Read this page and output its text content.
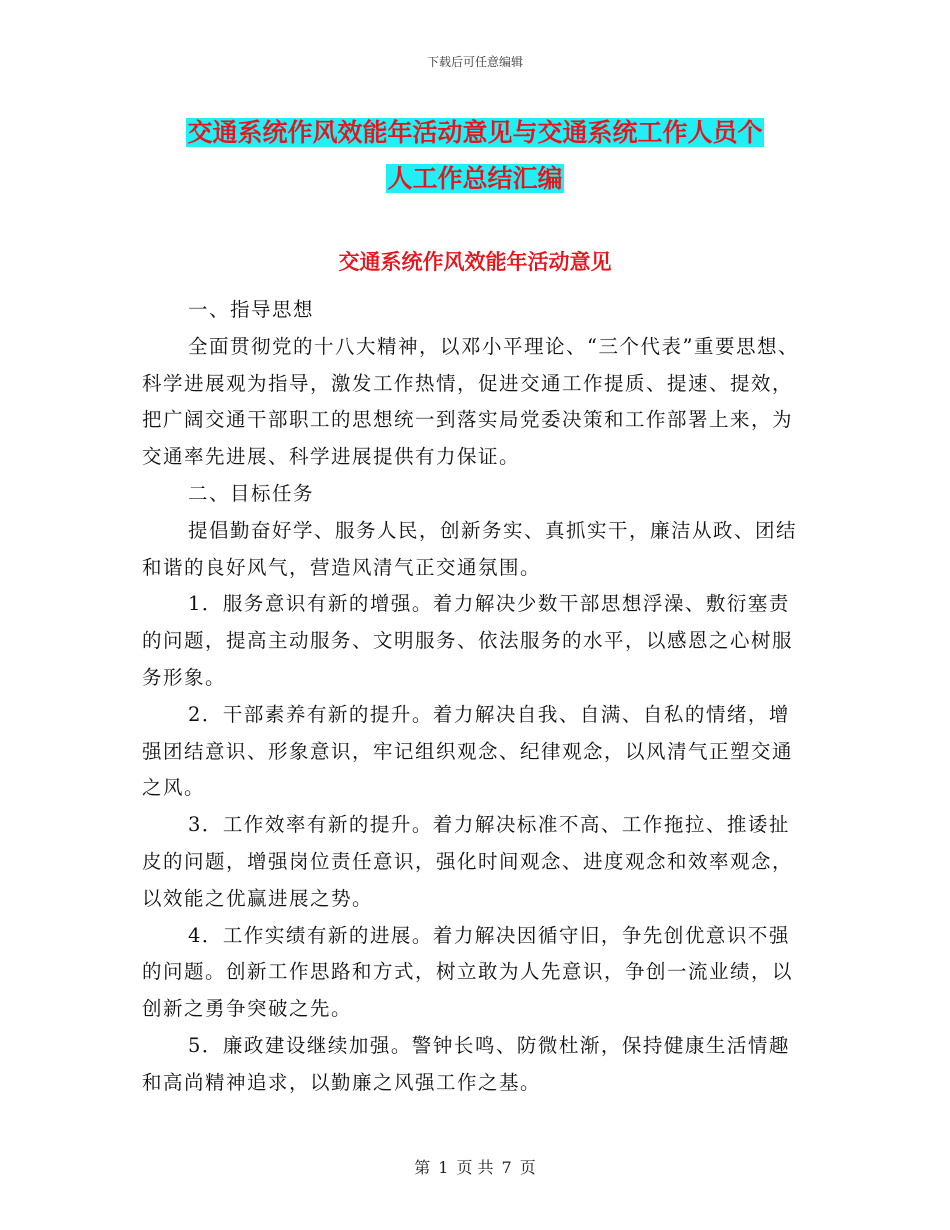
下载后可任意编辑
交通系统作风效能年活动意见与交通系统工作人员个
人工作总结汇编
交通系统作风效能年活动意见

一、指导思想

全面贯彻党的十八大精神，以邓小平理论、“三个代表”重要思想、科学进展观为指导，激发工作热情，促进交通工作提质、提速、提效，把广阔交通干部职工的思想统一到落实局党委决策和工作部署上来，为交通率先进展、科学进展提供有力保证。

二、目标任务

提倡勤奋好学、服务人民，创新务实、真抓实干，廉洁从政、团结和谐的良好风气，营造风清气正交通氛围。

1．服务意识有新的增强。着力解决少数干部思想浮澡、敷衍塞责的问题，提高主动服务、文明服务、依法服务的水平，以感恩之心树服务形象。

2．干部素养有新的提升。着力解决自我、自满、自私的情绪，增强团结意识、形象意识，牢记组织观念、纪律观念，以风清气正塑交通之风。

3．工作效率有新的提升。着力解决标准不高、工作拖拉、推诿扯皮的问题，增强岗位责任意识，强化时间观念、进度观念和效率观念，以效能之优赢进展之势。

4．工作实绩有新的进展。着力解决因循守旧，争先创优意识不强的问题。创新工作思路和方式，树立敢为人先意识，争创一流业绩，以创新之勇争突破之先。

5．廉政建设继续加强。警钟长鸣、防微杜渐，保持健康生活情趣和高尚精神追求，以勤廉之风强工作之基。

第 1 页 共 7 页
